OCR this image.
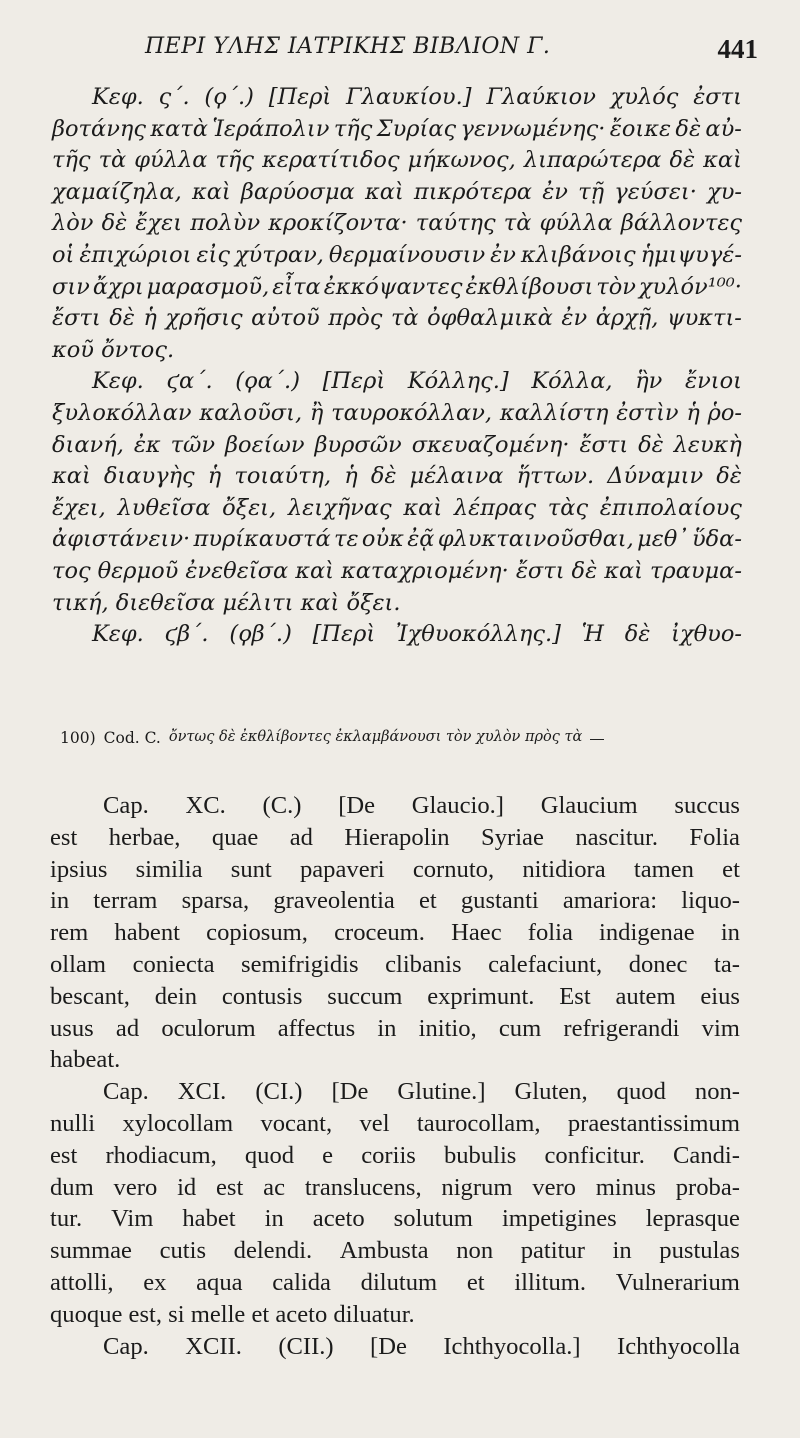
ΠΕΡΙ ΥΛΗΣ ΙΑΤΡΙΚΗΣ ΒΙΒΛΙΟΝ Γ.	441
Κεφ. ς΄. (ϙ΄.) [Περὶ Γλαυκίου.] Γλαύκιον χυλός ἐστι
βοτάνης κατὰ Ἱεράπολιν τῆς Συρίας γεννωμένης· ἔοικε δὲ αὐ-
τῆς τὰ φύλλα τῆς κερατίτιδος μήκωνος, λιπαρώτερα δὲ καὶ
χαμαίζηλα, καὶ βαρύοσμα καὶ πικρότερα ἐν τῇ γεύσει· χυ-
λὸν δὲ ἔχει πολὺν κροκίζοντα· ταύτης τὰ φύλλα βάλλοντες
οἱ ἐπιχώριοι εἰς χύτραν, θερμαίνουσιν ἐν κλιβάνοις ἡμιψυγέ-
σιν ἄχρι μαρασμοῦ, εἶτα ἐκκόψαντες ἐκθλίβουσι τὸν χυλόν¹⁰⁰·
ἔστι δὲ ἡ χρῆσις αὐτοῦ πρὸς τὰ ὀφθαλμικὰ ἐν ἀρχῇ, ψυκτι-
κοῦ ὄντος.
Κεφ. ϛα΄. (ϙα΄.) [Περὶ Κόλλης.] Κόλλα, ἣν ἔνιοι
ξυλοκόλλαν καλοῦσι, ἢ ταυροκόλλαν, καλλίστη ἐστὶν ἡ ῥο-
διανή, ἐκ τῶν βοείων βυρσῶν σκευαζομένη· ἔστι δὲ λευκὴ
καὶ διαυγὴς ἡ τοιαύτη, ἡ δὲ μέλαινα ἥττων. Δύναμιν δὲ
ἔχει, λυθεῖσα ὄξει, λειχῆνας καὶ λέπρας τὰς ἐπιπολαίους
ἀφιστάνειν· πυρίκαυστά τε οὐκ ἐᾷ φλυκταινοῦσθαι, μεθ᾽ ὕδα-
τος θερμοῦ ἐνεθεῖσα καὶ καταχριομένη· ἔστι δὲ καὶ τραυμα-
τική, διεθεῖσα μέλιτι καὶ ὄξει.
Κεφ. ϛβ΄. (ϙβ΄.) [Περὶ Ἰχθυοκόλλης.] Ἡ δὲ ἰχθυο-
100) Cod. C. ὄντως δὲ ἐκθλίβοντες ἐκλαμβάνουσι τὸν χυλὸν πρὸς τὰ
Cap. XC. (C.) [De Glaucio.] Glaucium succus
est herbae, quae ad Hierapolin Syriae nascitur. Folia
ipsius similia sunt papaveri cornuto, nitidiora tamen et
in terram sparsa, graveolentia et gustanti amariora: liquo-
rem habent copiosum, croceum. Haec folia indigenae in
ollam coniecta semifrigidis clibanis calefaciunt, donec ta-
bescant, dein contusis succum exprimunt. Est autem eius
usus ad oculorum affectus in initio, cum refrigerandi vim
habeat.
Cap. XCI. (CI.) [De Glutine.] Gluten, quod non-
nulli xylocollam vocant, vel taurocollam, praestantissimum
est rhodiacum, quod e coriis bubulis conficitur. Candi-
dum vero id est ac translucens, nigrum vero minus proba-
tur. Vim habet in aceto solutum impetigines leprasque
summae cutis delendi. Ambusta non patitur in pustulas
attolli, ex aqua calida dilutum et illitum. Vulnerarium
quoque est, si melle et aceto diluatur.
Cap. XCII. (CII.) [De Ichthyocolla.] Ichthyocolla
